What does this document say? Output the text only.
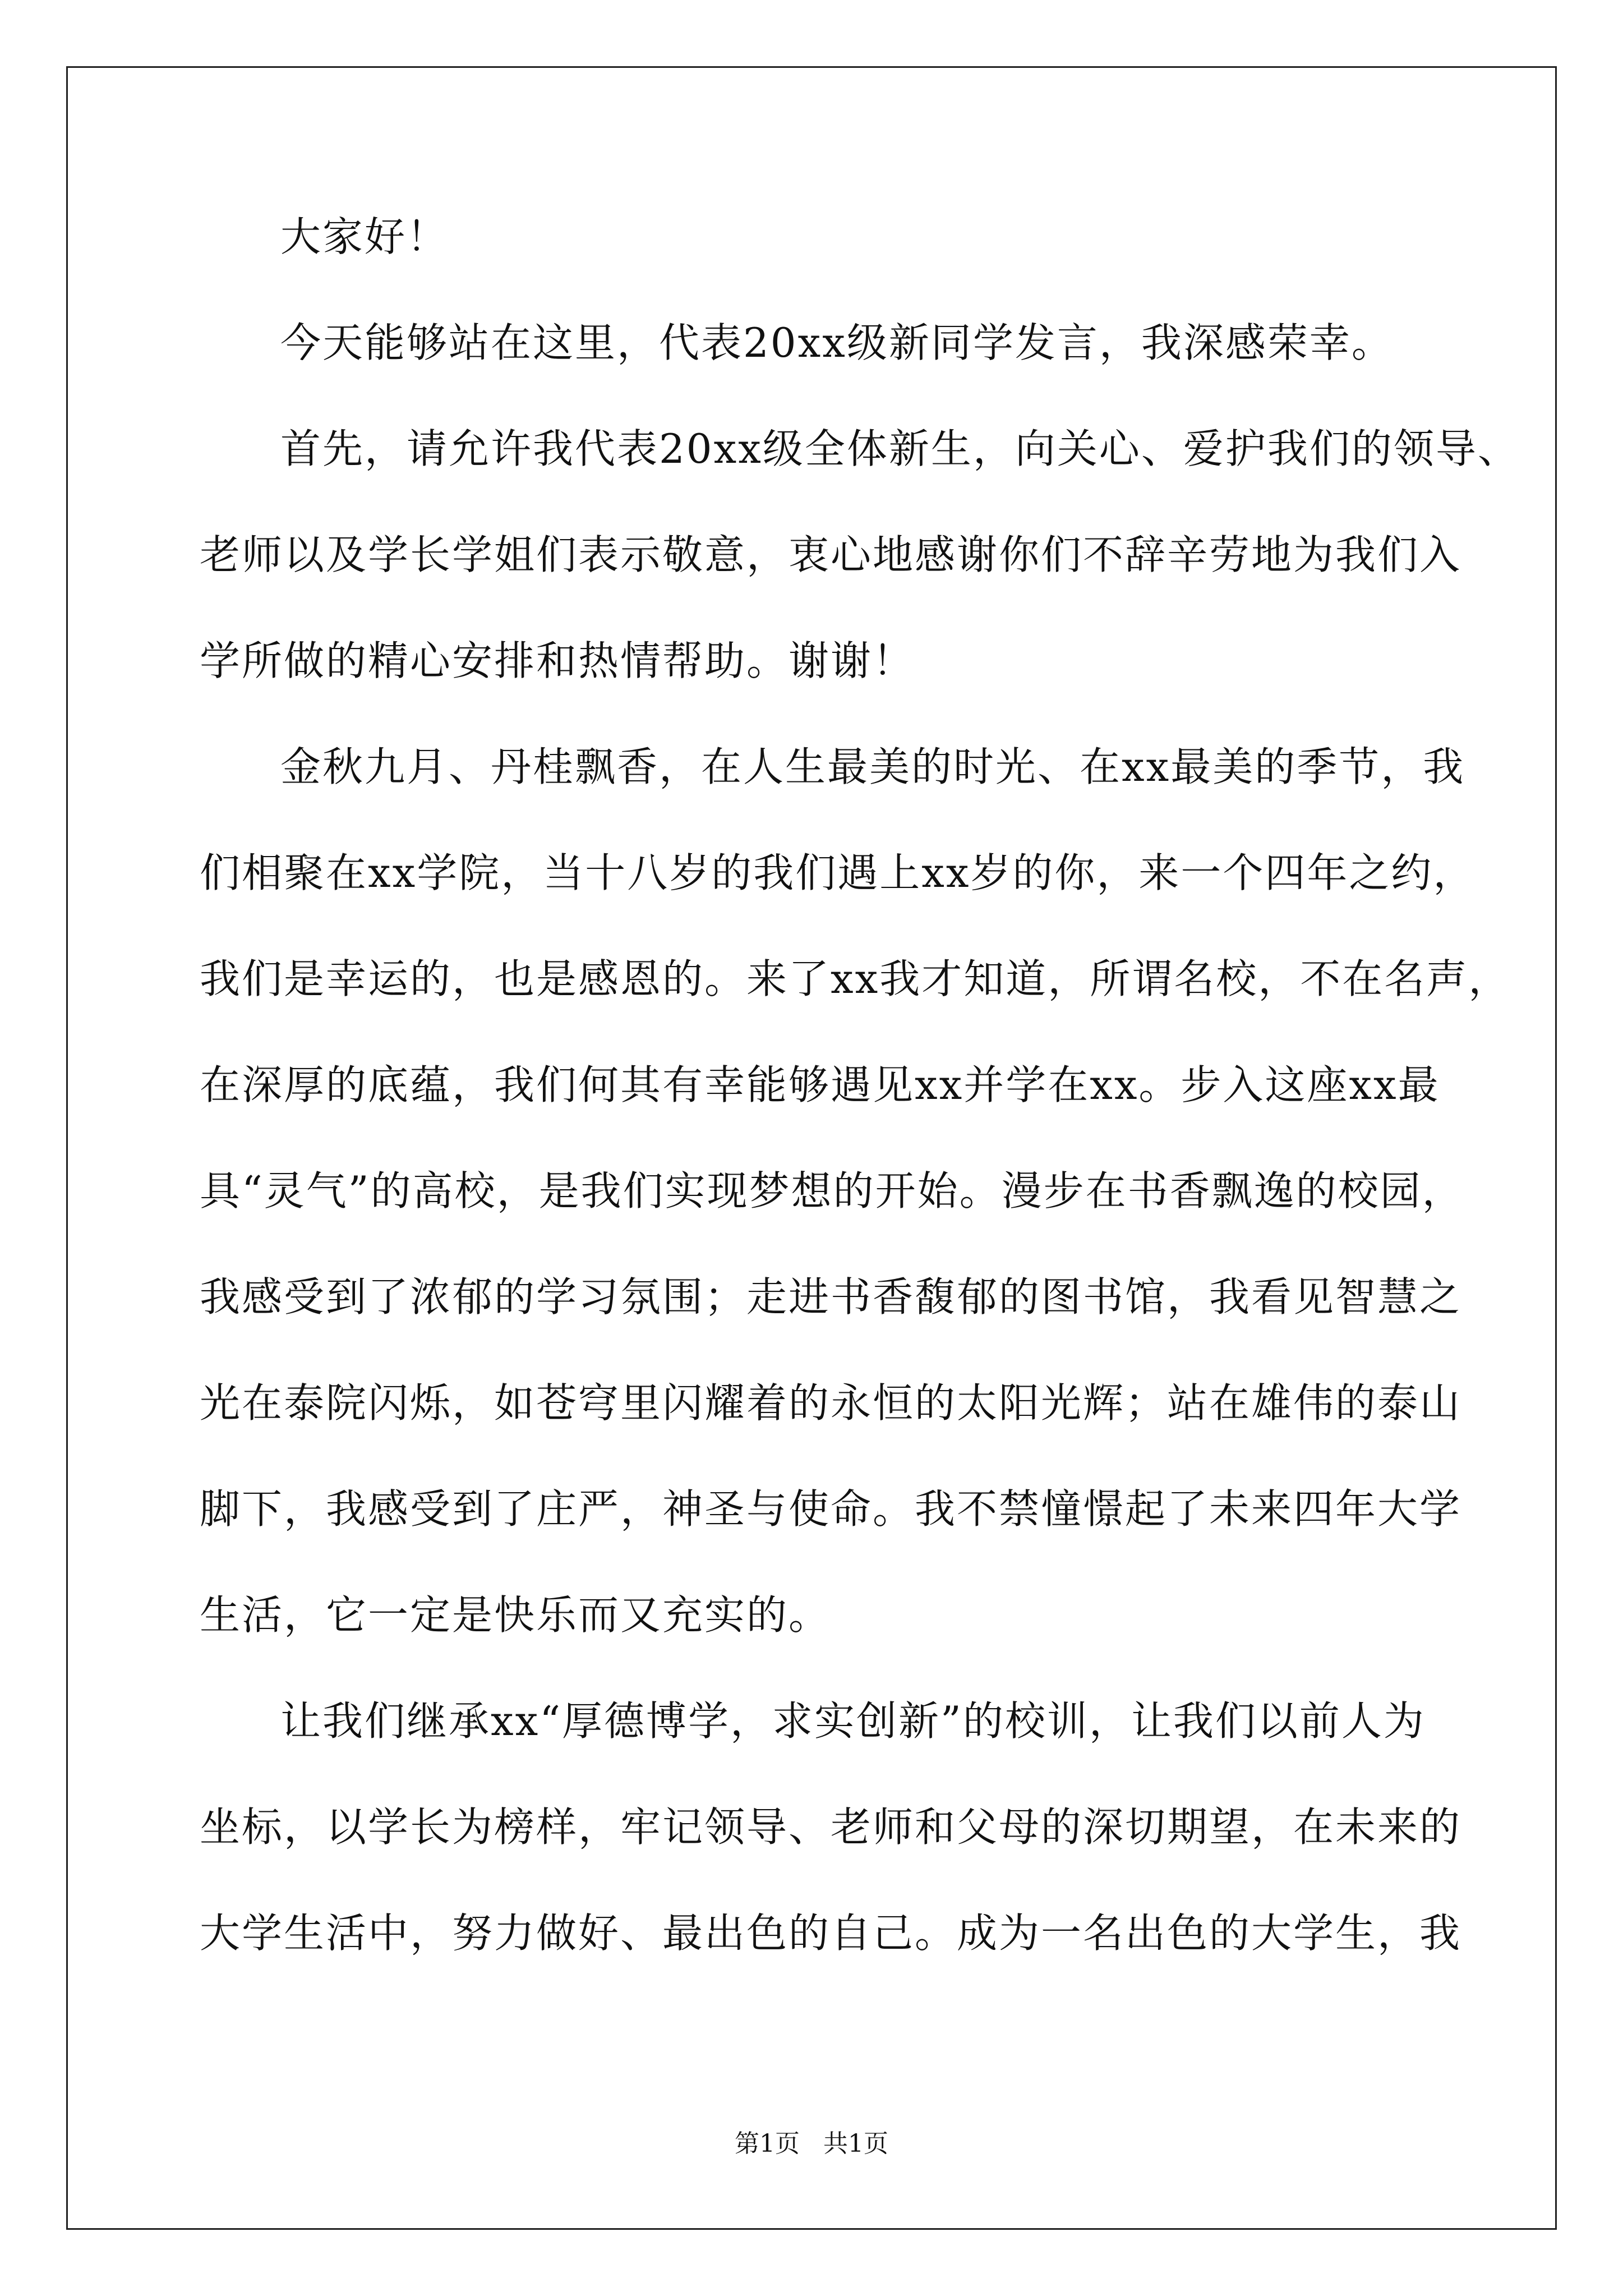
大家好！
今天能够站在这里，代表20xx级新同学发言，我深感荣幸。
首先，请允许我代表20xx级全体新生，向关心、爱护我们的领导、
老师以及学长学姐们表示敬意，衷心地感谢你们不辞辛劳地为我们入
学所做的精心安排和热情帮助。谢谢！
金秋九月、丹桂飘香，在人生最美的时光、在xx最美的季节，我
们相聚在xx学院，当十八岁的我们遇上xx岁的你，来一个四年之约，
我们是幸运的，也是感恩的。来了xx我才知道，所谓名校，不在名声，
在深厚的底蕴，我们何其有幸能够遇见xx并学在xx。步入这座xx最
具“灵气”的高校，是我们实现梦想的开始。漫步在书香飘逸的校园，
我感受到了浓郁的学习氛围；走进书香馥郁的图书馆，我看见智慧之
光在泰院闪烁，如苍穹里闪耀着的永恒的太阳光辉；站在雄伟的泰山
脚下，我感受到了庄严，神圣与使命。我不禁憧憬起了未来四年大学
生活，它一定是快乐而又充实的。
让我们继承xx“厚德博学，求实创新”的校训，让我们以前人为
坐标，以学长为榜样，牢记领导、老师和父母的深切期望，在未来的
大学生活中，努力做好、最出色的自己。成为一名出色的大学生，我
第1页 共1页
